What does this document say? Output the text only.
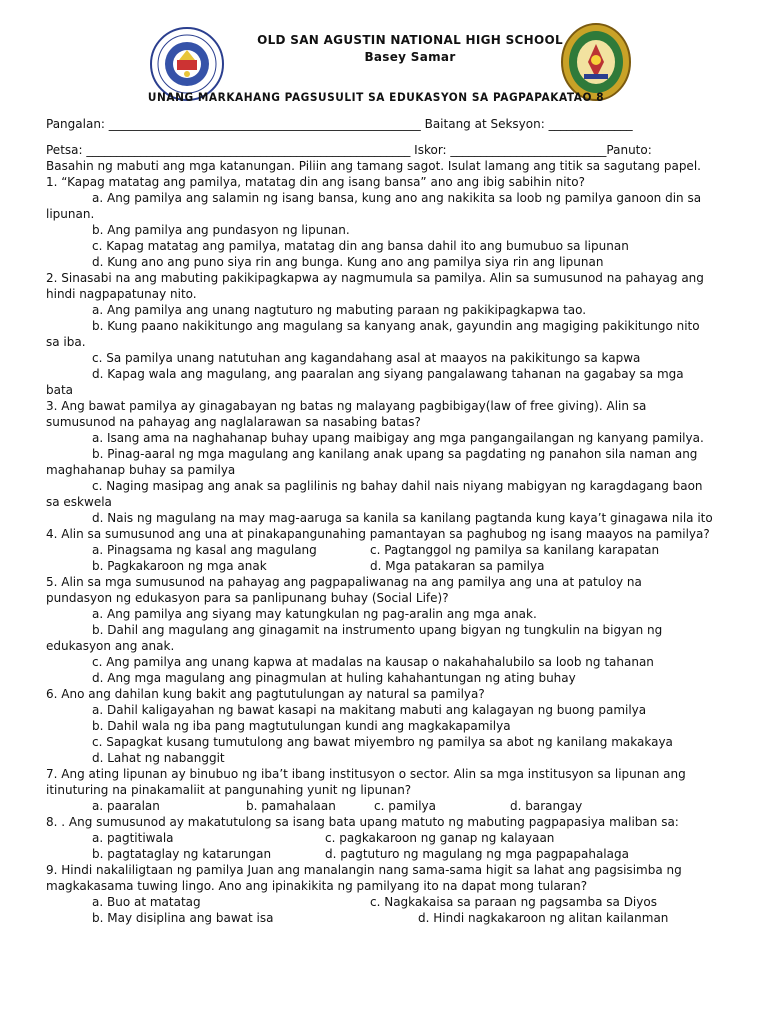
OLD SAN AGUSTIN NATIONAL HIGH SCHOOL
Basey Samar
UNANG MARKAHANG PAGSUSULIT SA EDUKASYON SA PAGPAPAKATAO 8
Pangalan: ____________________________________________________ Baitang at Seksyon: ______________
Petsa: ______________________________________________________ Iskor: __________________________Panuto:
Basahin ng mabuti ang mga katanungan. Piliin ang tamang sagot. Isulat lamang ang titik sa sagutang papel.
1. “Kapag matatag ang pamilya, matatag din ang isang bansa” ano ang ibig sabihin nito?
a. Ang pamilya ang salamin ng isang bansa, kung ano ang nakikita sa loob ng pamilya ganoon din sa
lipunan.
b. Ang pamilya ang pundasyon ng lipunan.
c. Kapag matatag ang pamilya, matatag din ang bansa dahil ito ang bumubuo sa lipunan
d. Kung ano ang puno siya rin ang bunga. Kung ano ang pamilya siya rin ang lipunan
2. Sinasabi na ang mabuting pakikipagkapwa ay nagmumula sa pamilya. Alin sa sumusunod na pahayag ang
hindi nagpapatunay nito.
a. Ang pamilya ang unang nagtuturo ng mabuting paraan ng pakikipagkapwa tao.
b. Kung paano nakikitungo ang magulang sa kanyang anak, gayundin ang magiging pakikitungo nito
sa iba.
c. Sa pamilya unang natutuhan ang kagandahang asal at maayos na pakikitungo sa kapwa
d. Kapag wala ang magulang, ang paaralan ang siyang pangalawang tahanan na gagabay sa mga
bata
3. Ang bawat pamilya ay ginagabayan ng batas ng malayang pagbibigay(law of free giving). Alin sa
sumusunod na pahayag ang naglalarawan sa nasabing batas?
a. Isang ama na naghahanap buhay upang maibigay ang mga pangangailangan ng kanyang pamilya.
b. Pinag-aaral ng mga magulang ang kanilang anak upang sa pagdating ng panahon sila naman ang
maghahanap buhay sa pamilya
c. Naging masipag ang anak sa paglilinis ng bahay dahil nais niyang mabigyan ng karagdagang baon
sa eskwela
d. Nais ng magulang na may mag-aaruga sa kanila sa kanilang pagtanda kung kaya’t ginagawa nila ito
4. Alin sa sumusunod ang una at pinakapangunahing pamantayan sa paghubog ng isang maayos na pamilya?
a. Pinagsama ng kasal ang magulang	c. Pagtanggol ng pamilya sa kanilang karapatan
b. Pagkakaroon ng mga anak	d. Mga patakaran sa pamilya
5. Alin sa mga sumusunod na pahayag ang pagpapaliwanag na ang pamilya ang una at patuloy na
pundasyon ng edukasyon para sa panlipunang buhay (Social Life)?
a. Ang pamilya ang siyang may katungkulan ng pag-aralin ang mga anak.
b. Dahil ang magulang ang ginagamit na instrumento upang bigyan ng tungkulin na bigyan ng
edukasyon ang anak.
c. Ang pamilya ang unang kapwa at madalas na kausap o nakahahalubilo sa loob ng tahanan
d. Ang mga magulang ang pinagmulan at huling kahahantungan ng ating buhay
6. Ano ang dahilan kung bakit ang pagtutulungan ay natural sa pamilya?
a. Dahil kaligayahan ng bawat kasapi na makitang mabuti ang kalagayan ng buong pamilya
b. Dahil wala ng iba pang magtutulungan kundi ang magkakapamilya
c. Sapagkat kusang tumutulong ang bawat miyembro ng pamilya sa abot ng kanilang makakaya
d. Lahat ng nabanggit
7. Ang ating lipunan ay binubuo ng iba’t ibang institusyon o sector. Alin sa mga institusyon sa lipunan ang
itinuturing na pinakamaliit at pangunahing yunit ng lipunan?
a. paaralan	b. pamahalaan	c. pamilya	d. barangay
8. . Ang sumusunod ay makatutulong sa isang bata upang matuto ng mabuting pagpapasiya maliban sa:
a. pagtitiwala	c. pagkakaroon ng ganap ng kalayaan
b. pagtataglay ng katarungan	d. pagtuturo ng magulang ng mga pagpapahalaga
9. Hindi nakaliligtaan ng pamilya Juan ang manalangin nang sama-sama higit sa lahat ang pagsisimba ng
magkakasama tuwing lingo. Ano ang ipinakikita ng pamilyang ito na dapat mong tularan?
a. Buo at matatag	c. Nagkakaisa sa paraan ng pagsamba sa Diyos
b. May disiplina ang bawat isa	d. Hindi nagkakaroon ng alitan kailanman
